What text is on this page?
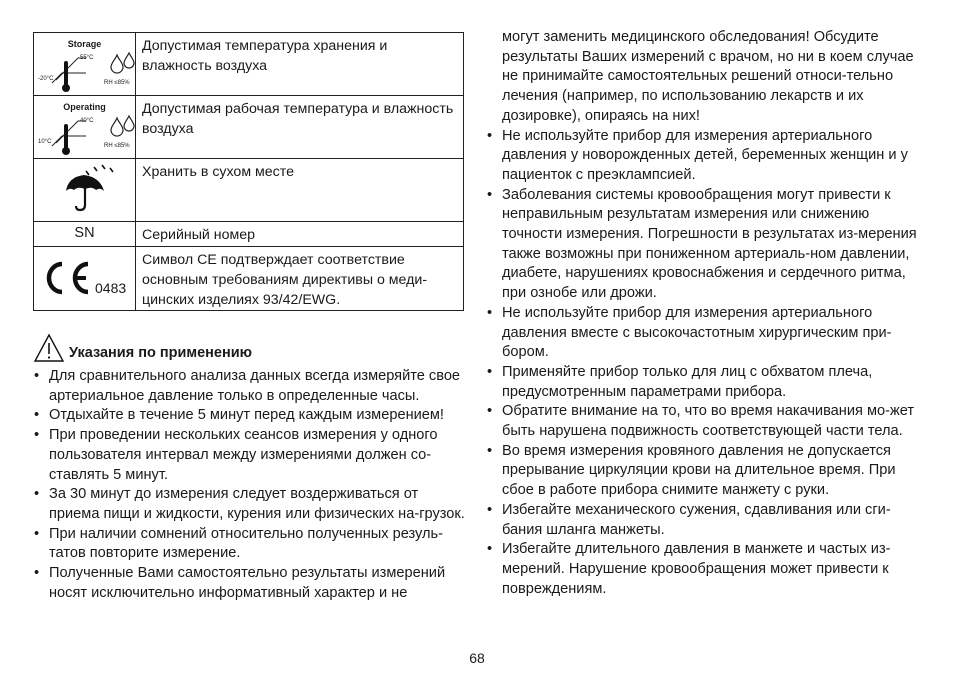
Storage
55°C
-20°C
RH ≤85%	Допустимая температура хранения и влажность воздуха

Operating
40°C
10°C
RH ≤85%	Допустимая рабочая температура и влажность воздуха
	Хранить в сухом месте
SN	Серийный номер

0483	Символ CE подтверждает соответствие основным требованиям директивы о меди-цинских изделиях 93/42/EWG.
Указания по применению
• Для сравнительного анализа данных всегда измеряйте свое артериальное давление только в определенные часы.
• Отдыхайте в течение 5 минут перед каждым измерением!
• При проведении нескольких сеансов измерения у одного пользователя интервал между измерениями должен со-ставлять 5 минут.
• За 30 минут до измерения следует воздерживаться от приема пищи и жидкости, курения или физических на-грузок.
• При наличии сомнений относительно полученных резуль-татов повторите измерение.
• Полученные Вами самостоятельно результаты измерений носят исключительно информативный характер и не

могут заменить медицинского обследования! Обсудите результаты Ваших измерений с врачом, но ни в коем случае не принимайте самостоятельных решений относи-тельно лечения (например, по использованию лекарств и их дозировке), опираясь на них!

• Не используйте прибор для измерения артериального давления у новорожденных детей, беременных женщин и у пациенток с преэклампсией.
• Заболевания системы кровообращения могут привести к неправильным результатам измерения или снижению точности измерения. Погрешности в результатах из-мерения также возможны при пониженном артериаль-ном давлении, диабете, нарушениях кровоснабжения и сердечного ритма, при ознобе или дрожи.
• Не используйте прибор для измерения артериального давления вместе с высокочастотным хирургическим при-бором.
• Применяйте прибор только для лиц с обхватом плеча, предусмотренным параметрами прибора.
• Обратите внимание на то, что во время накачивания мо-жет быть нарушена подвижность соответствующей части тела.
• Во время измерения кровяного давления не допускается прерывание циркуляции крови на длительное время. При сбое в работе прибора снимите манжету с руки.
• Избегайте механического сужения, сдавливания или сги-бания шланга манжеты.
• Избегайте длительного давления в манжете и частых из-мерений. Нарушение кровообращения может привести к повреждениям.
68
